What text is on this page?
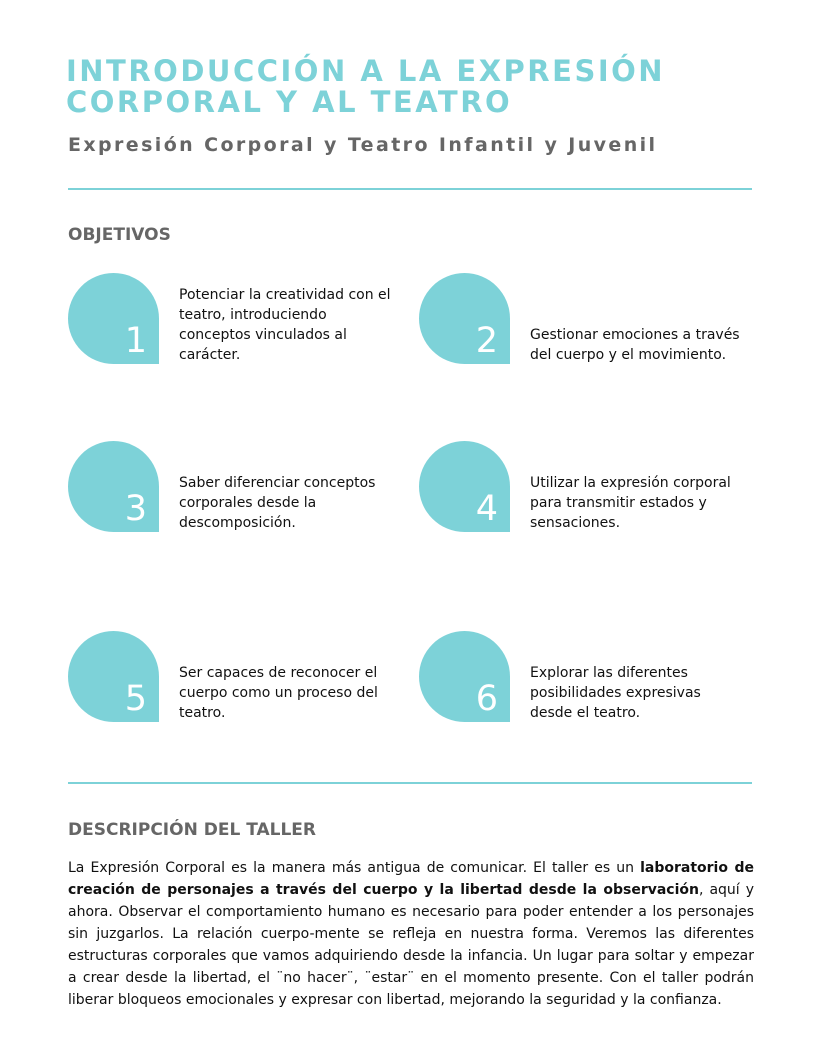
INTRODUCCIÓN A LA EXPRESIÓN CORPORAL Y AL TEATRO
Expresión Corporal y Teatro Infantil y Juvenil
OBJETIVOS
1
Potenciar la creatividad con el teatro, introduciendo conceptos vinculados al carácter.	2 Gestionar emociones a través del cuerpo y el movimiento.
3
Saber diferenciar conceptos corporales desde la descomposición.	4
Utilizar la expresión corporal para transmitir estados y sensaciones.
5
Ser capaces de reconocer el cuerpo como un proceso del teatro.	6
Explorar las diferentes posibilidades expresivas desde el teatro.
DESCRIPCIÓN DEL TALLER

La Expresión Corporal es la manera más antigua de comunicar. El taller es un laboratorio de creación de personajes a través del cuerpo y la libertad desde la observación, aquí y ahora. Observar el comportamiento humano es necesario para poder entender a los personajes sin juzgarlos. La relación cuerpo-mente se refleja en nuestra forma. Veremos las diferentes estructuras corporales que vamos adquiriendo desde la infancia. Un lugar para soltar y empezar a crear desde la libertad, el ¨no hacer¨, ¨estar¨ en el momento presente. Con el taller podrán liberar bloqueos emocionales y expresar con libertad, mejorando la seguridad y la confianza.
